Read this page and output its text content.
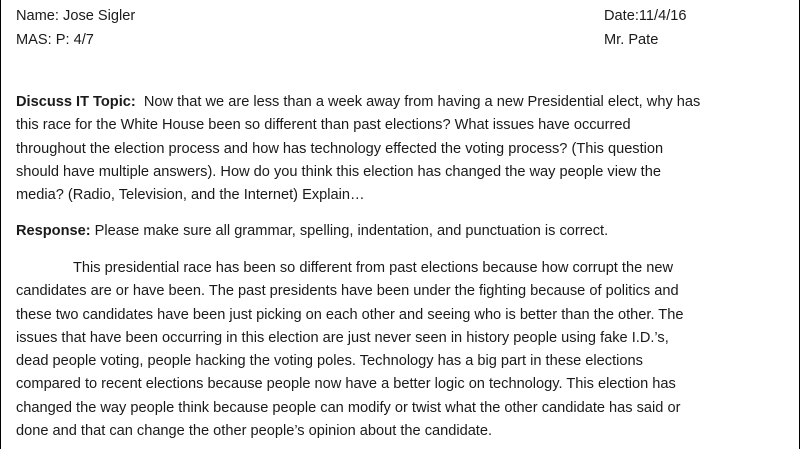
Name: Jose Sigler
MAS: P: 4/7
Date:11/4/16
Mr. Pate
Discuss IT Topic: Now that we are less than a week away from having a new Presidential elect, why has
this race for the White House been so different than past elections? What issues have occurred
throughout the election process and how has technology effected the voting process? (This question
should have multiple answers). How do you think this election has changed the way people view the
media? (Radio, Television, and the Internet) Explain…
Response: Please make sure all grammar, spelling, indentation, and punctuation is correct.
This presidential race has been so different from past elections because how corrupt the new
candidates are or have been. The past presidents have been under the fighting because of politics and
these two candidates have been just picking on each other and seeing who is better than the other. The
issues that have been occurring in this election are just never seen in history people using fake I.D.’s,
dead people voting, people hacking the voting poles. Technology has a big part in these elections
compared to recent elections because people now have a better logic on technology. This election has
changed the way people think because people can modify or twist what the other candidate has said or
done and that can change the other people’s opinion about the candidate.
